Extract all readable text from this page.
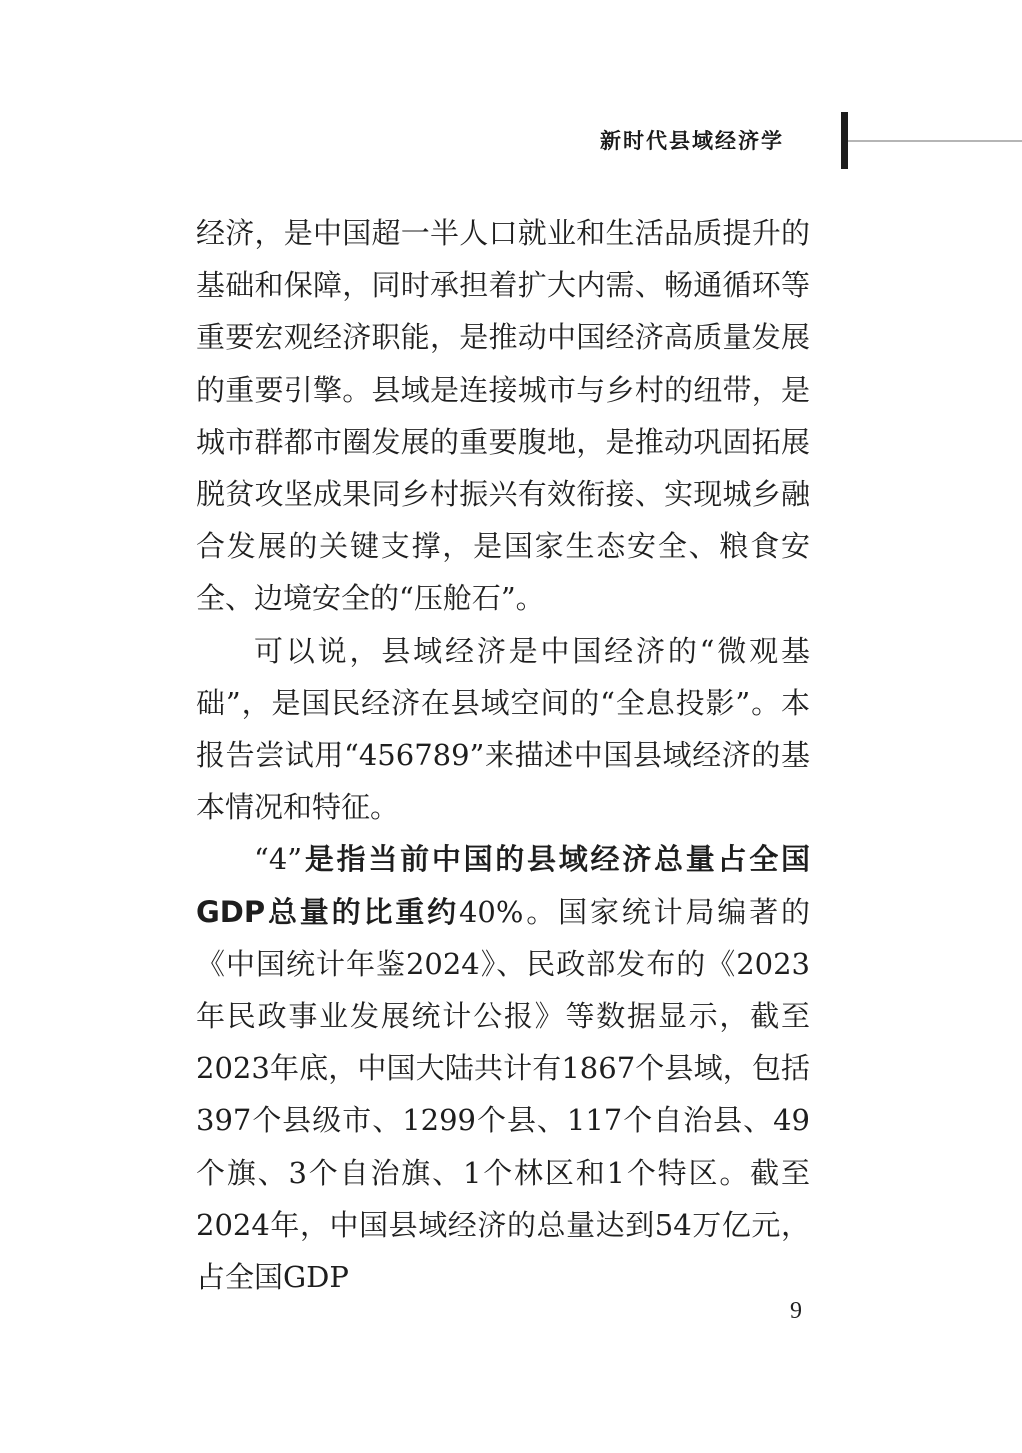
新时代县域经济学

经济，是中国超一半人口就业和生活品质提升的基础和保障，同时承担着扩大内需、畅通循环等重要宏观经济职能，是推动中国经济高质量发展的重要引擎。县域是连接城市与乡村的纽带，是城市群都市圈发展的重要腹地，是推动巩固拓展脱贫攻坚成果同乡村振兴有效衔接、实现城乡融合发展的关键支撑，是国家生态安全、粮食安全、边境安全的“压舱石”。

可以说，县域经济是中国经济的“微观基础”，是国民经济在县域空间的“全息投影”。本报告尝试用“456789”来描述中国县域经济的基本情况和特征。

“4”是指当前中国的县域经济总量占全国GDP总量的比重约40%。国家统计局编著的《中国统计年鉴2024》、民政部发布的《2023年民政事业发展统计公报》等数据显示，截至2023年底，中国大陆共计有1867个县域，包括397个县级市、1299个县、117个自治县、49个旗、3个自治旗、1个林区和1个特区。截至2024年，中国县域经济的总量达到54万亿元，占全国GDP

9
